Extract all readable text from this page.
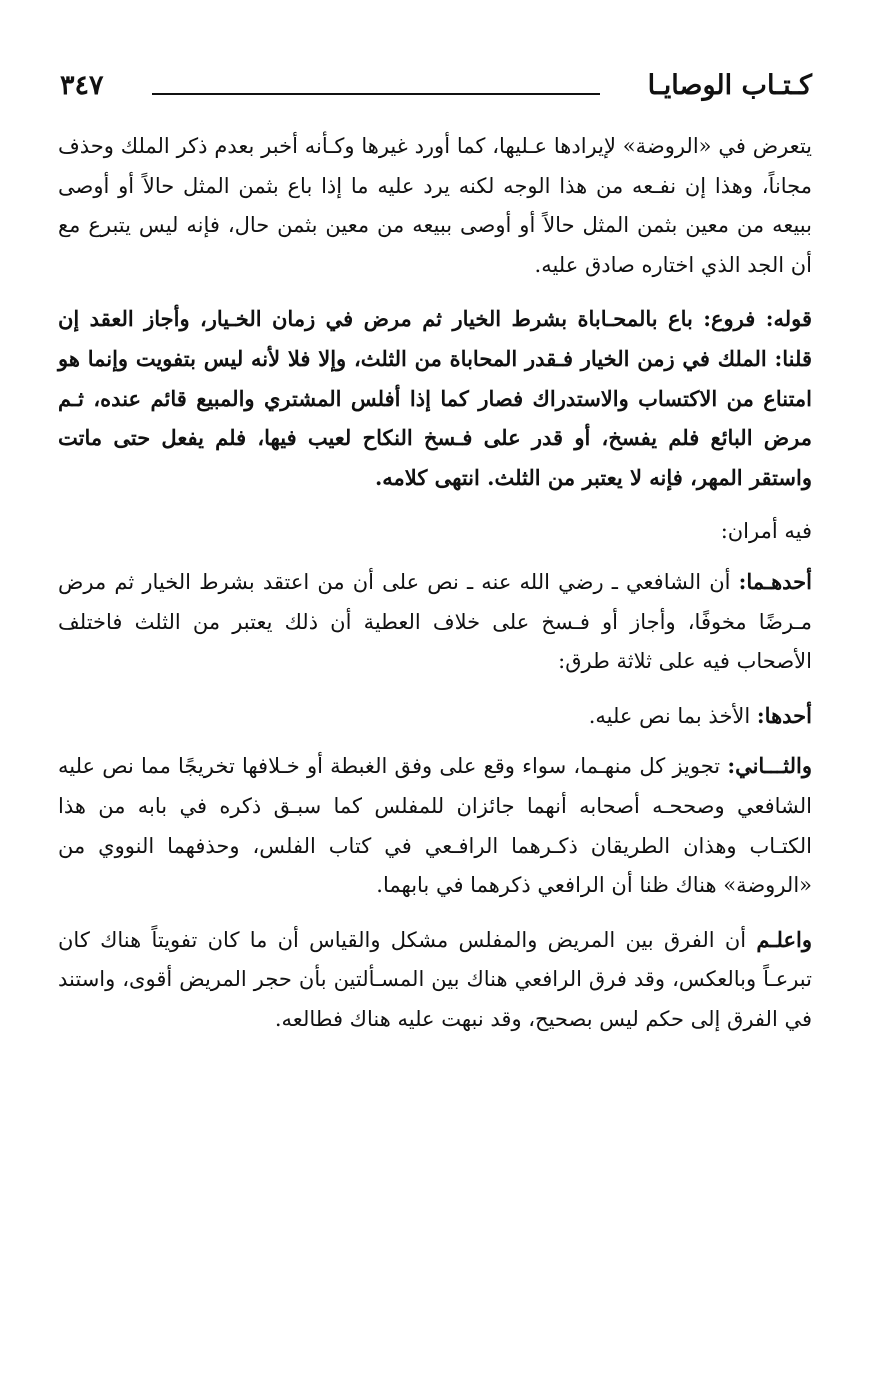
كـتـاب الوصايـا
٣٤٧

يتعرض في «الروضة» لإيرادها عـليها، كما أورد غيرها وكـأنه أخبر بعدم ذكر الملك وحذف مجاناً، وهذا إن نفـعه من هذا الوجه لكنه يرد عليه ما إذا باع بثمن المثل حالاً أو أوصى ببيعه من معين بثمن المثل حالاً أو أوصى ببيعه من معين بثمن حال، فإنه ليس يتبرع مع أن الجد الذي اختاره صادق عليه.

قوله: فروع: باع بالمحـاباة بشرط الخيار ثم مرض في زمان الخـيار، وأجاز العقد إن قلنا: الملك في زمن الخيار فـقدر المحاباة من الثلث، وإلا فلا لأنه ليس بتفويت وإنما هو امتناع من الاكتساب والاستدراك فصار كما إذا أفلس المشتري والمبيع قائم عنده، ثـم مرض البائع فلم يفسخ، أو قدر على فـسخ النكاح لعيب فيها، فلم يفعل حتى ماتت واستقر المهر، فإنه لا يعتبر من الثلث. انتهى كلامه.

فيه أمران:

أحدهـما: أن الشافعي ـ رضي الله عنه ـ نص على أن من اعتقد بشرط الخيار ثم مرض مـرضًا مخوفًا، وأجاز أو فـسخ على خلاف العطية أن ذلك يعتبر من الثلث فاختلف الأصحاب فيه على ثلاثة طرق:

أحدها: الأخذ بما نص عليه.

والثـــاني: تجويز كل منهـما، سواء وقع على وفق الغبطة أو خـلافها تخريجًا مما نص عليه الشافعي وصححـه أصحابه أنهما جائزان للمفلس كما سبـق ذكره في بابه من هذا الكتـاب وهذان الطريقان ذكـرهما الرافـعي في كتاب الفلس، وحذفهما النووي من «الروضة» هناك ظنا أن الرافعي ذكرهما في بابهما.

واعلـم أن الفرق بين المريض والمفلس مشكل والقياس أن ما كان تفويتاً هناك كان تبرعـاً وبالعكس، وقد فرق الرافعي هناك بين المسـألتين بأن حجر المريض أقوى، واستند في الفرق إلى حكم ليس بصحيح، وقد نبهت عليه هناك فطالعه.
